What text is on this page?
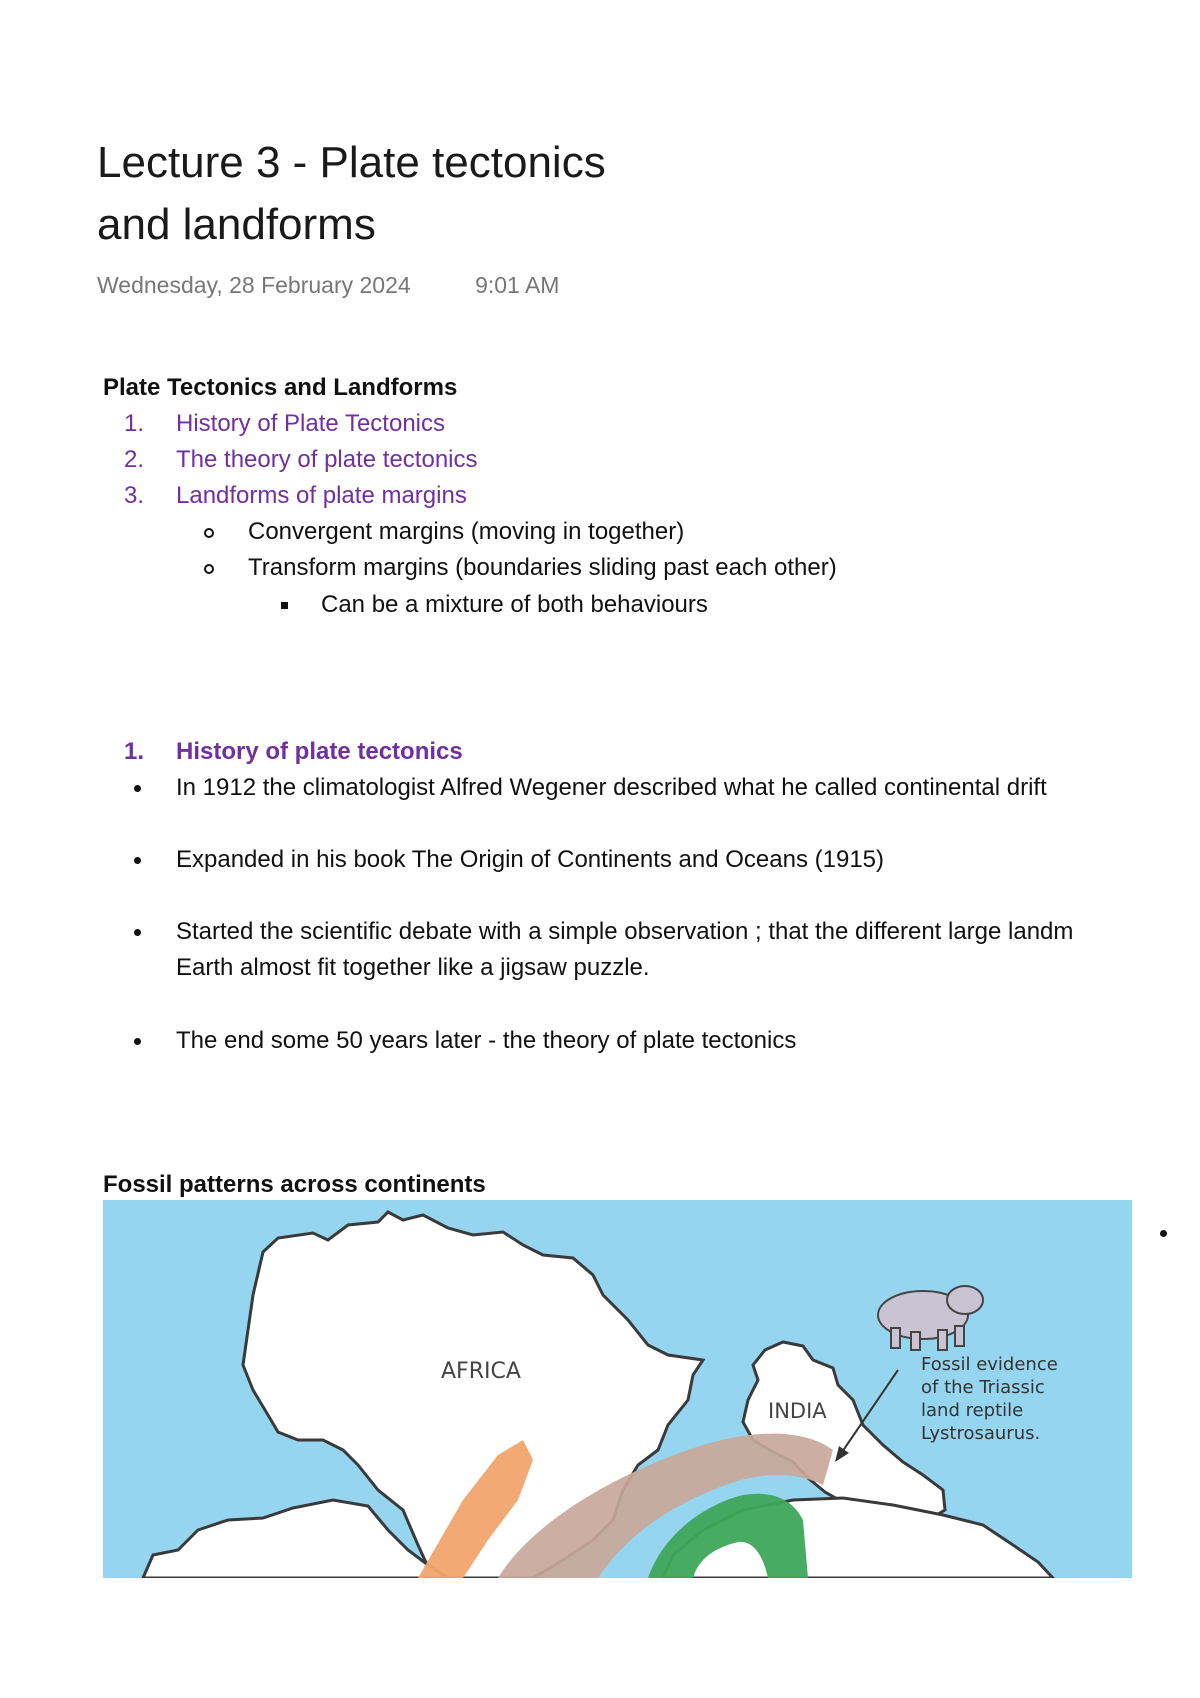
Lecture 3 - Plate tectonics
and landforms
Wednesday, 28 February 2024	9:01 AM
Plate Tectonics and Landforms
1. History of Plate Tectonics
2. The theory of plate tectonics
3. Landforms of plate margins
Convergent margins (moving in together)
Transform margins (boundaries sliding past each other)
Can be a mixture of both behaviours
1. History of plate tectonics
In 1912 the climatologist Alfred Wegener described what he called continental drift
Expanded in his book The Origin of Continents and Oceans (1915)
Started the scientific debate with a simple observation ; that the different large landm
Earth almost fit together like a jigsaw puzzle.
The end some 50 years later - the theory of plate tectonics
Fossil patterns across continents
AFRICA
INDIA
Fossil evidence
of the Triassic
land reptile
Lystrosaurus.
